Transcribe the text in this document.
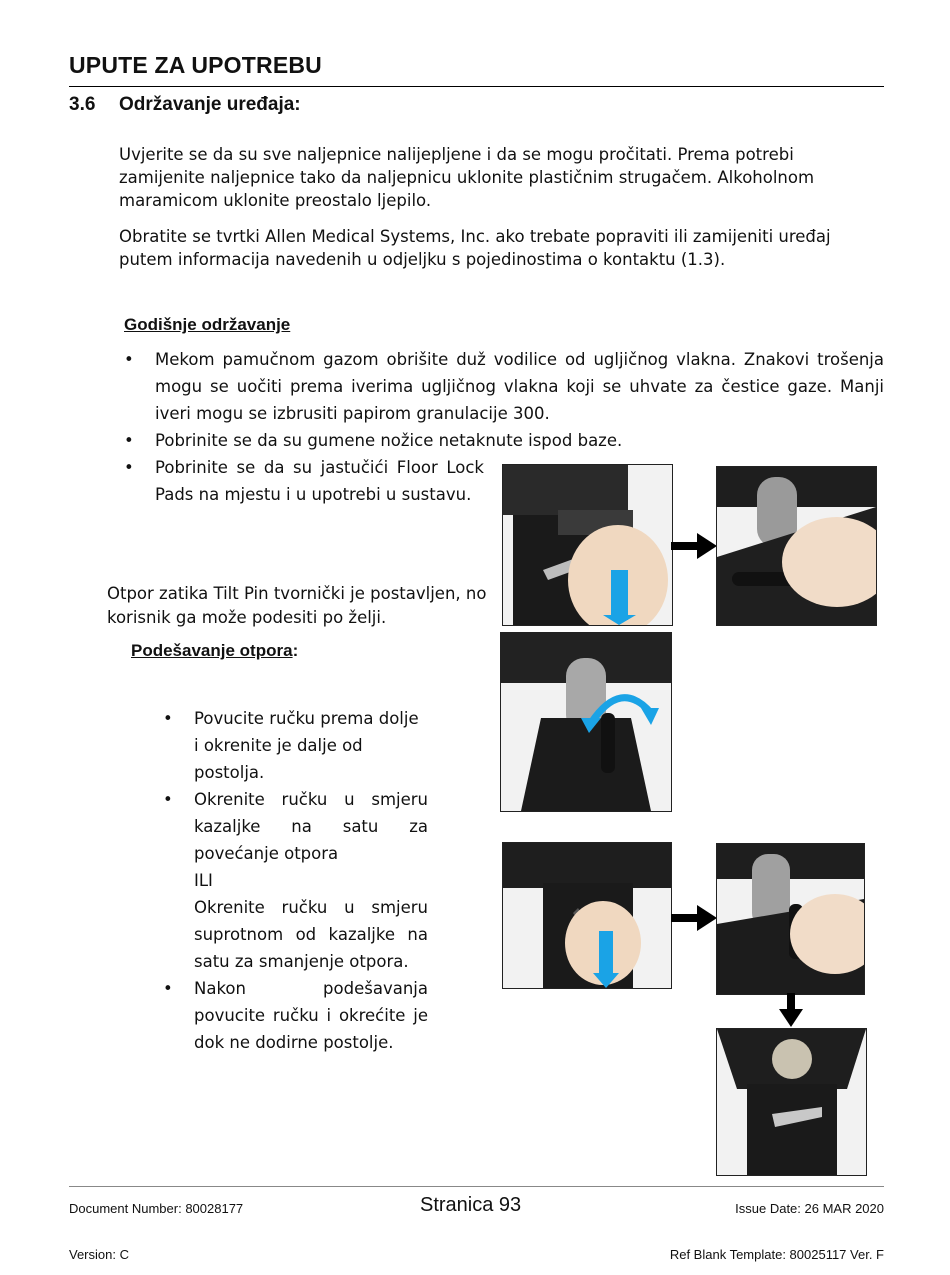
UPUTE ZA UPOTREBU
3.6 Održavanje uređaja:
Uvjerite se da su sve naljepnice nalijepljene i da se mogu pročitati. Prema potrebi zamijenite naljepnice tako da naljepnicu uklonite plastičnim strugačem. Alkoholnom maramicom uklonite preostalo ljepilo.
Obratite se tvrtki Allen Medical Systems, Inc. ako trebate popraviti ili zamijeniti uređaj putem informacija navedenih u odjeljku s pojedinostima o kontaktu (1.3).
Godišnje održavanje
• Mekom pamučnom gazom obrišite duž vodilice od ugljičnog vlakna. Znakovi trošenja mogu se uočiti prema iverima ugljičnog vlakna koji se uhvate za čestice gaze. Manji iveri mogu se izbrusiti papirom granulacije 300.
• Pobrinite se da su gumene nožice netaknute ispod baze.
• Pobrinite se da su jastučići Floor Lock Pads na mjestu i u upotrebi u sustavu.
Otpor zatika Tilt Pin tvornički je postavljen, no korisnik ga može podesiti po želji.
Podešavanje otpora:
• Povucite ručku prema dolje i okrenite je dalje od postolja.
• Okrenite ručku u smjeru kazaljke na satu za povećanje otpora
ILI
Okrenite ručku u smjeru suprotnom od kazaljke na satu za smanjenje otpora.
• Nakon podešavanja povucite ručku i okrećite je dok ne dodirne postolje.
Document Number: 80028177	Stranica 93	Issue Date: 26 MAR 2020
Version: C	Ref Blank Template: 80025117 Ver. F
